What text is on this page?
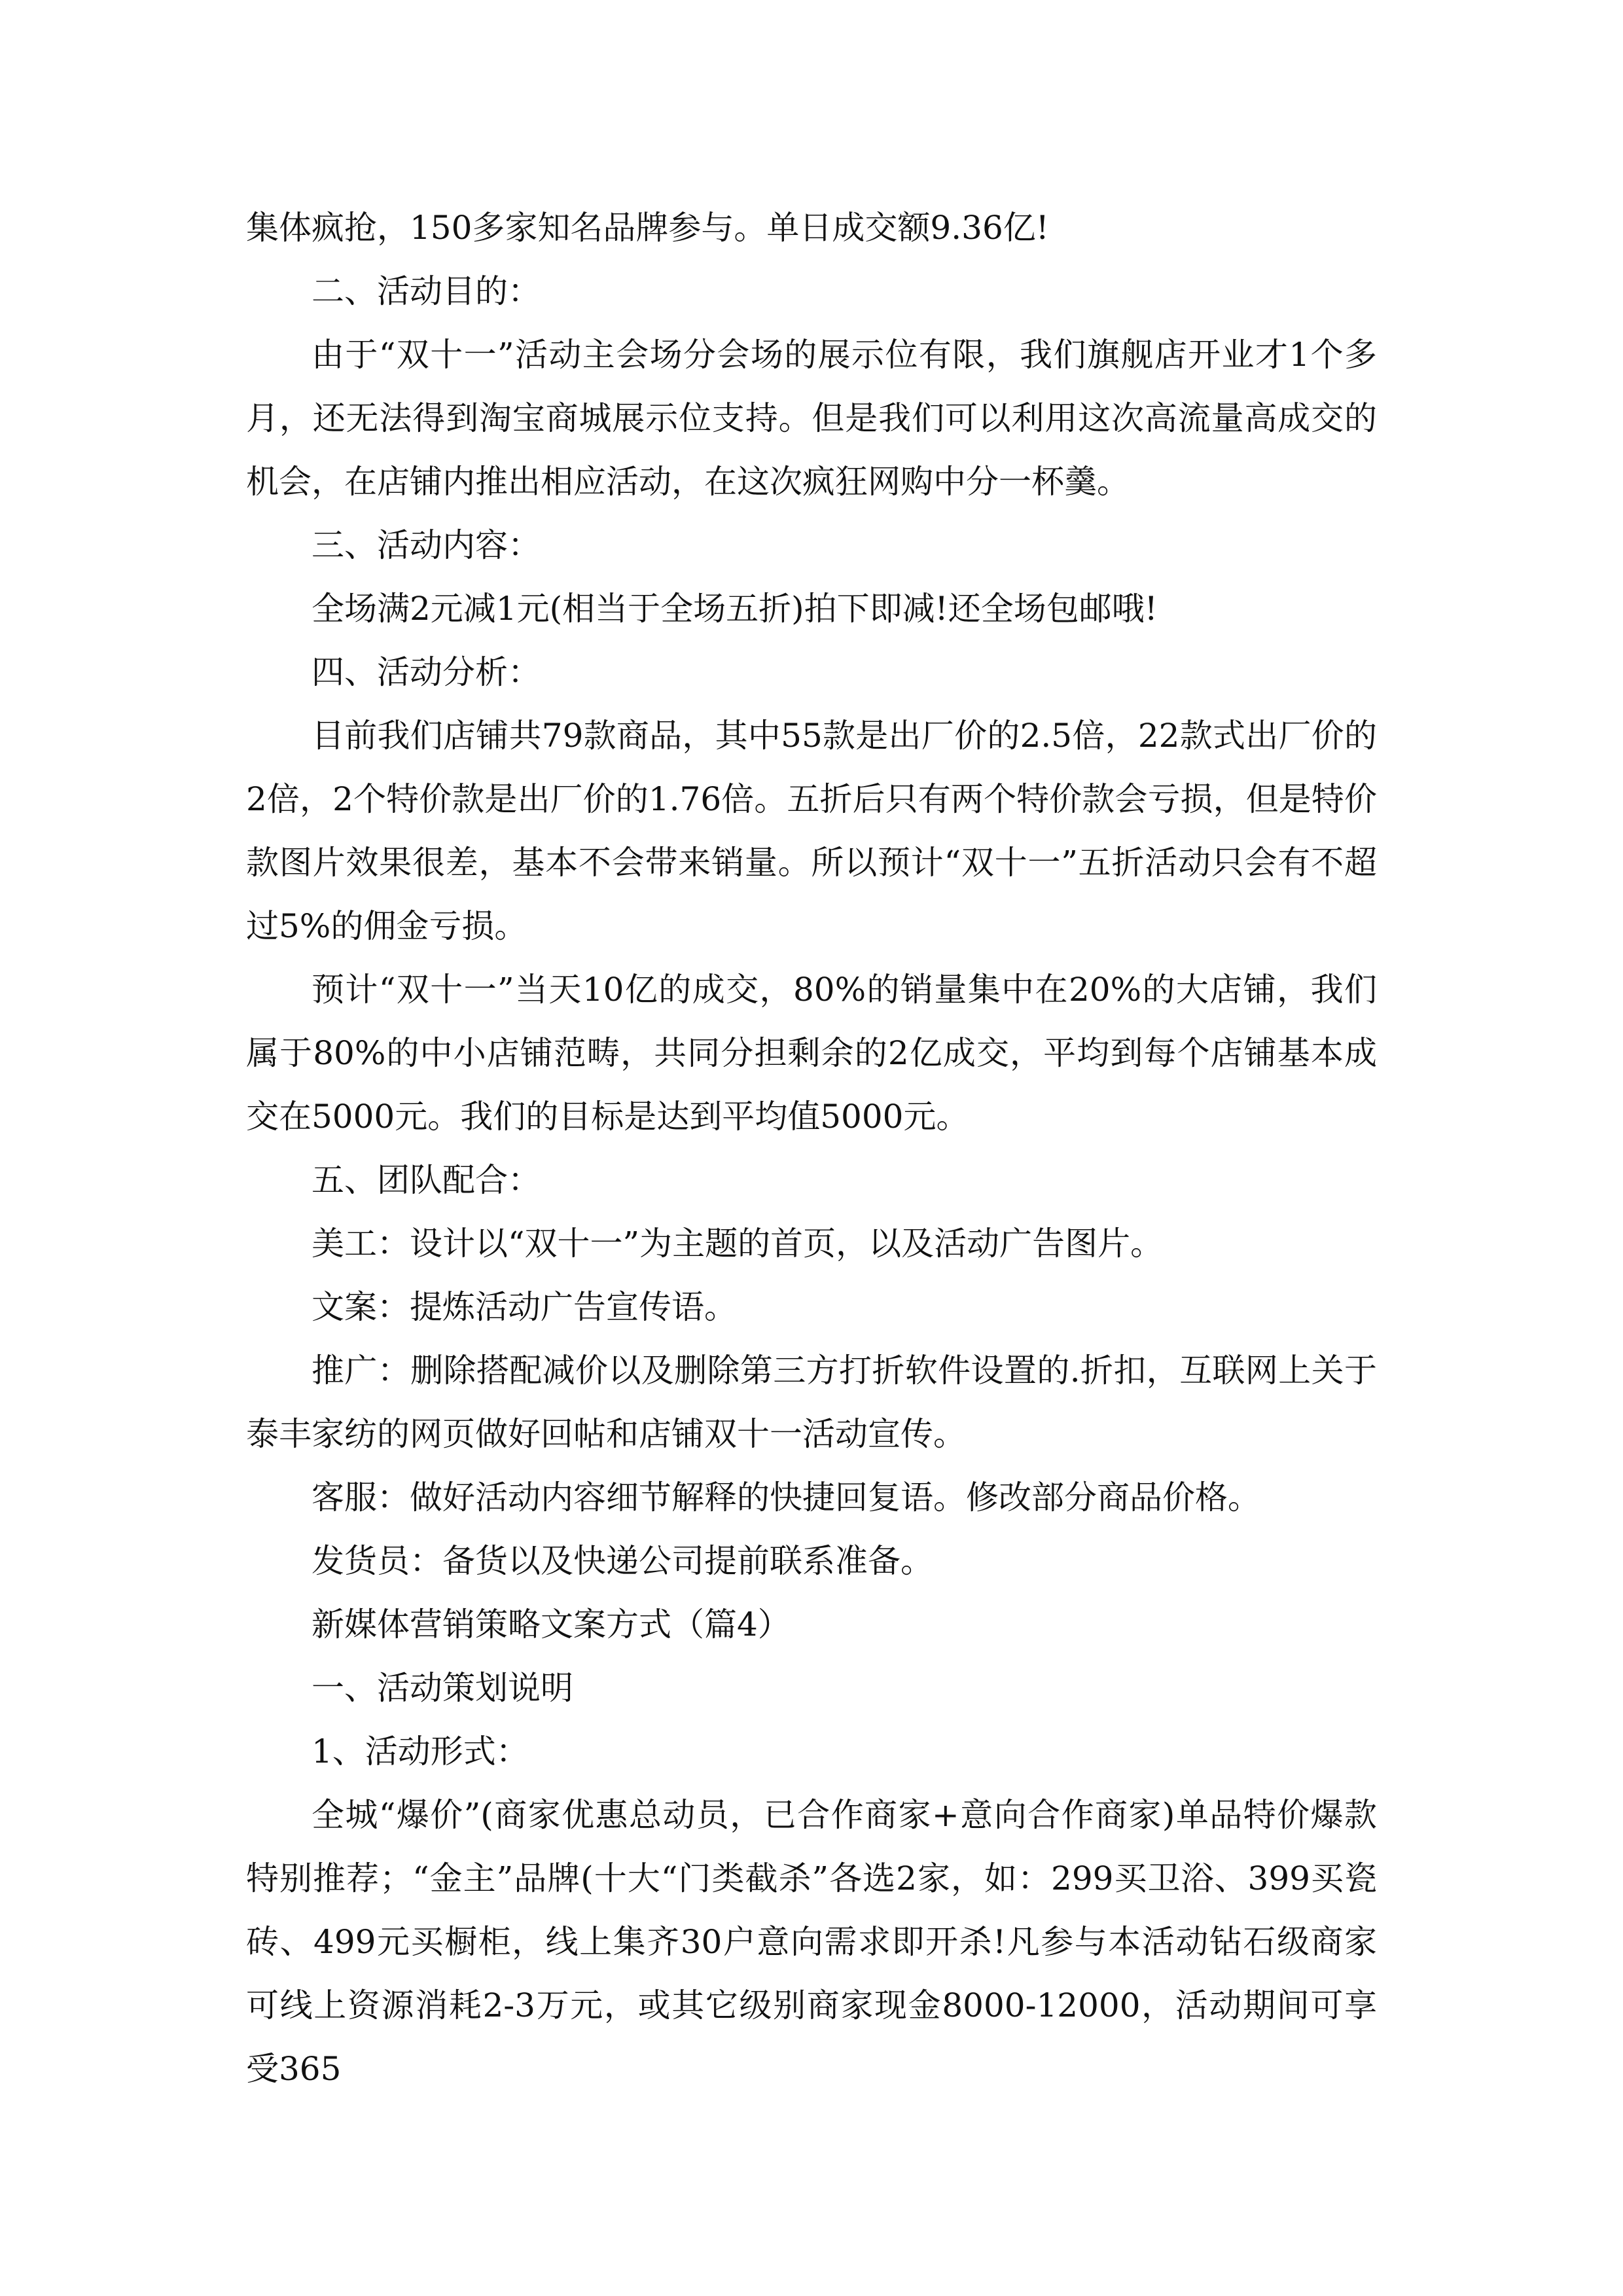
集体疯抢，150多家知名品牌参与。单日成交额9.36亿!

二、活动目的：

由于“双十一”活动主会场分会场的展示位有限，我们旗舰店开业才1个多月，还无法得到淘宝商城展示位支持。但是我们可以利用这次高流量高成交的机会，在店铺内推出相应活动，在这次疯狂网购中分一杯羹。

三、活动内容：

全场满2元减1元(相当于全场五折)拍下即减!还全场包邮哦!

四、活动分析：

目前我们店铺共79款商品，其中55款是出厂价的2.5倍，22款式出厂价的2倍，2个特价款是出厂价的1.76倍。五折后只有两个特价款会亏损，但是特价款图片效果很差，基本不会带来销量。所以预计“双十一”五折活动只会有不超过5%的佣金亏损。

预计“双十一”当天10亿的成交，80%的销量集中在20%的大店铺，我们属于80%的中小店铺范畴，共同分担剩余的2亿成交，平均到每个店铺基本成交在5000元。我们的目标是达到平均值5000元。

五、团队配合：

美工：设计以“双十一”为主题的首页，以及活动广告图片。

文案：提炼活动广告宣传语。

推广：删除搭配减价以及删除第三方打折软件设置的.折扣，互联网上关于泰丰家纺的网页做好回帖和店铺双十一活动宣传。

客服：做好活动内容细节解释的快捷回复语。修改部分商品价格。

发货员：备货以及快递公司提前联系准备。

新媒体营销策略文案方式（篇4）

一、活动策划说明

1、活动形式：

全城“爆价”(商家优惠总动员，已合作商家+意向合作商家)单品特价爆款特别推荐；“金主”品牌(十大“门类截杀”各选2家，如：299买卫浴、399买瓷砖、499元买橱柜，线上集齐30户意向需求即开杀!凡参与本活动钻石级商家可线上资源消耗2-3万元，或其它级别商家现金8000-12000，活动期间可享受365
